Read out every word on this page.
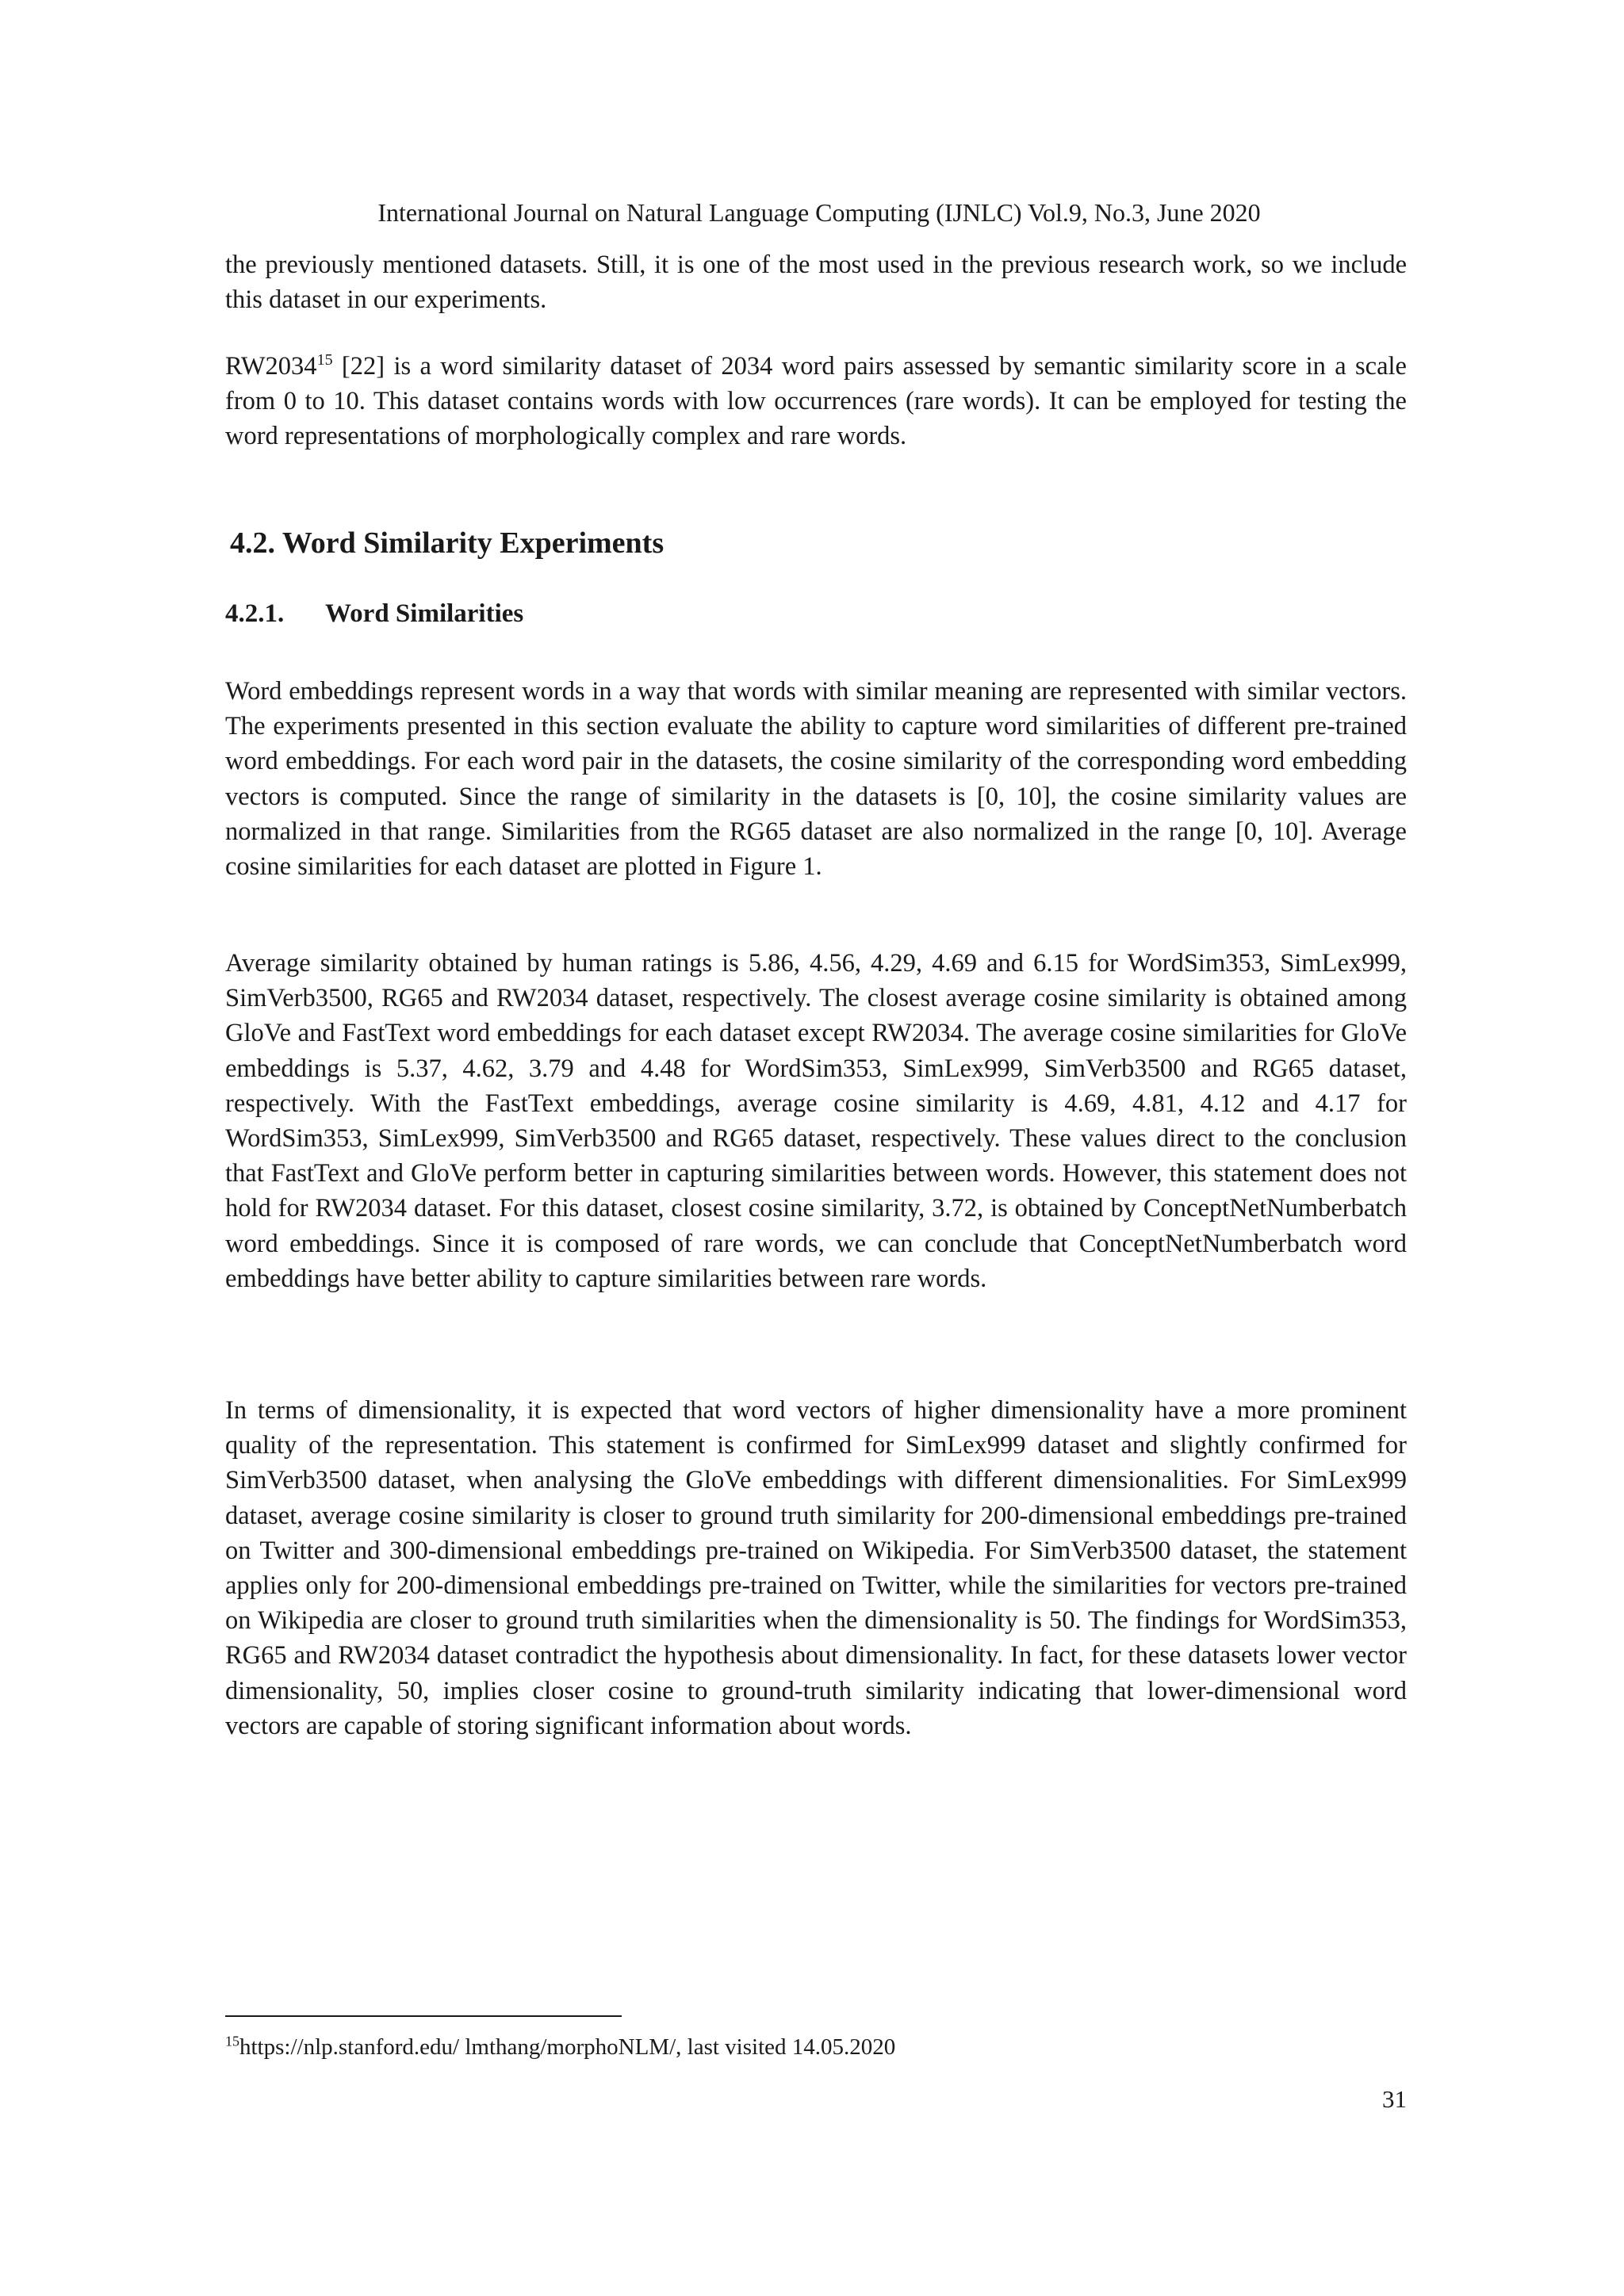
International Journal on Natural Language Computing (IJNLC) Vol.9, No.3, June 2020

the previously mentioned datasets. Still, it is one of the most used in the previous research work, so we include this dataset in our experiments.

RW2034$^{15}$ [22] is a word similarity dataset of 2034 word pairs assessed by semantic similarity score in a scale from 0 to 10. This dataset contains words with low occurrences (rare words). It can be employed for testing the word representations of morphologically complex and rare words.

4.2. Word Similarity Experiments
4.2.1. Word Similarities

Word embeddings represent words in a way that words with similar meaning are represented with similar vectors. The experiments presented in this section evaluate the ability to capture word similarities of different pre-trained word embeddings. For each word pair in the datasets, the cosine similarity of the corresponding word embedding vectors is computed. Since the range of similarity in the datasets is [0, 10], the cosine similarity values are normalized in that range. Similarities from the RG65 dataset are also normalized in the range [0, 10]. Average cosine similarities for each dataset are plotted in Figure 1.

Average similarity obtained by human ratings is 5.86, 4.56, 4.29, 4.69 and 6.15 for WordSim353, SimLex999, SimVerb3500, RG65 and RW2034 dataset, respectively. The closest average cosine similarity is obtained among GloVe and FastText word embeddings for each dataset except RW2034. The average cosine similarities for GloVe embeddings is 5.37, 4.62, 3.79 and 4.48 for WordSim353, SimLex999, SimVerb3500 and RG65 dataset, respectively. With the FastText embeddings, average cosine similarity is 4.69, 4.81, 4.12 and 4.17 for WordSim353, SimLex999, SimVerb3500 and RG65 dataset, respectively. These values direct to the conclusion that FastText and GloVe perform better in capturing similarities between words. However, this statement does not hold for RW2034 dataset. For this dataset, closest cosine similarity, 3.72, is obtained by ConceptNetNumberbatch word embeddings. Since it is composed of rare words, we can conclude that ConceptNetNumberbatch word embeddings have better ability to capture similarities between rare words.

In terms of dimensionality, it is expected that word vectors of higher dimensionality have a more prominent quality of the representation. This statement is confirmed for SimLex999 dataset and slightly confirmed for SimVerb3500 dataset, when analysing the GloVe embeddings with different dimensionalities. For SimLex999 dataset, average cosine similarity is closer to ground truth similarity for 200-dimensional embeddings pre-trained on Twitter and 300-dimensional embeddings pre-trained on Wikipedia. For SimVerb3500 dataset, the statement applies only for 200-dimensional embeddings pre-trained on Twitter, while the similarities for vectors pre-trained on Wikipedia are closer to ground truth similarities when the dimensionality is 50. The findings for WordSim353, RG65 and RW2034 dataset contradict the hypothesis about dimensionality. In fact, for these datasets lower vector dimensionality, 50, implies closer cosine to ground-truth similarity indicating that lower-dimensional word vectors are capable of storing significant information about words.

$^{15}$https://nlp.stanford.edu/ lmthang/morphoNLM/, last visited 14.05.2020

31
